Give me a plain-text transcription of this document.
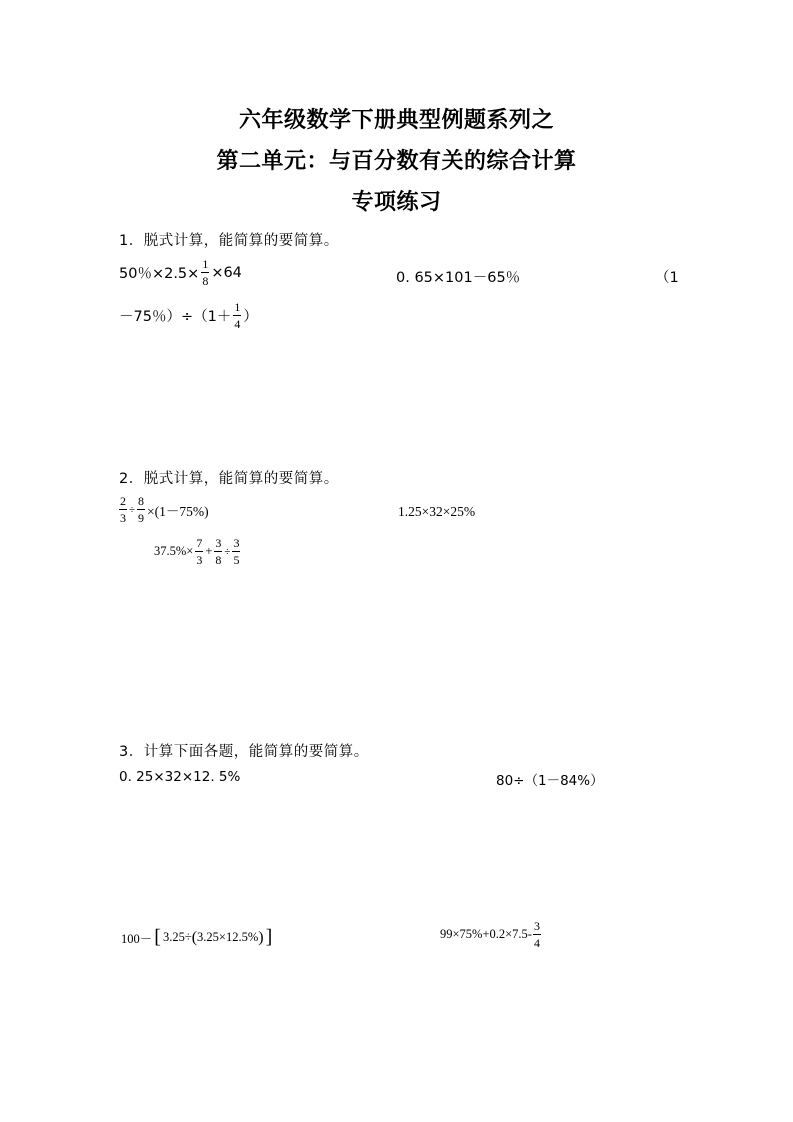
六年级数学下册典型例题系列之
第二单元：与百分数有关的综合计算
专项练习
1．脱式计算，能简算的要简算。
50％$\times 2.5\times \frac{1}{8} \times 64$	0. 65×101－65％	（1
－75％）$\div(1+ \frac{1}{4}$ ）
2．脱式计算，能简算的要简算。
$\frac{2}{3} \div \frac{8}{9} \times(1-75\%)$	1.25×32×25%
$37.5\%\times \frac{7}{3} + \frac{3}{8} \div \frac{3}{5}$
3．计算下面各题，能简算的要简算。
0. 25×32×12. 5%	80÷（1－84%）
100－ [ 3.25÷ ( 3.25×12.5% ) ]	$99\times 75\%+0.2\times 7.5- \frac{3}{4}$
